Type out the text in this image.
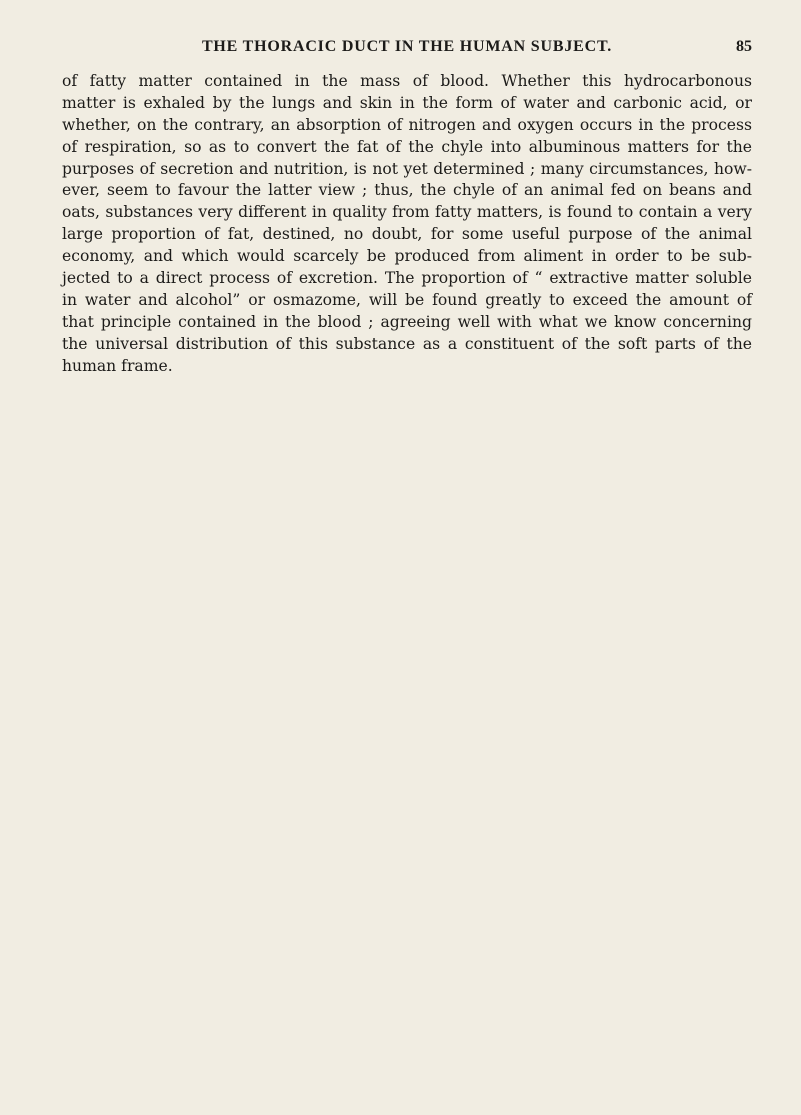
THE THORACIC DUCT IN THE HUMAN SUBJECT.	85
of fatty matter contained in the mass of blood. Whether this hydrocarbonous
matter is exhaled by the lungs and skin in the form of water and carbonic acid, or
whether, on the contrary, an absorption of nitrogen and oxygen occurs in the process
of respiration, so as to convert the fat of the chyle into albuminous matters for the
purposes of secretion and nutrition, is not yet determined ; many circumstances, how-
ever, seem to favour the latter view ; thus, the chyle of an animal fed on beans and
oats, substances very different in quality from fatty matters, is found to contain a very
large proportion of fat, destined, no doubt, for some useful purpose of the animal
economy, and which would scarcely be produced from aliment in order to be sub-
jected to a direct process of excretion. The proportion of “ extractive matter soluble
in water and alcohol” or osmazome, will be found greatly to exceed the amount of
that principle contained in the blood ; agreeing well with what we know concerning
the universal distribution of this substance as a constituent of the soft parts of the
human frame.
